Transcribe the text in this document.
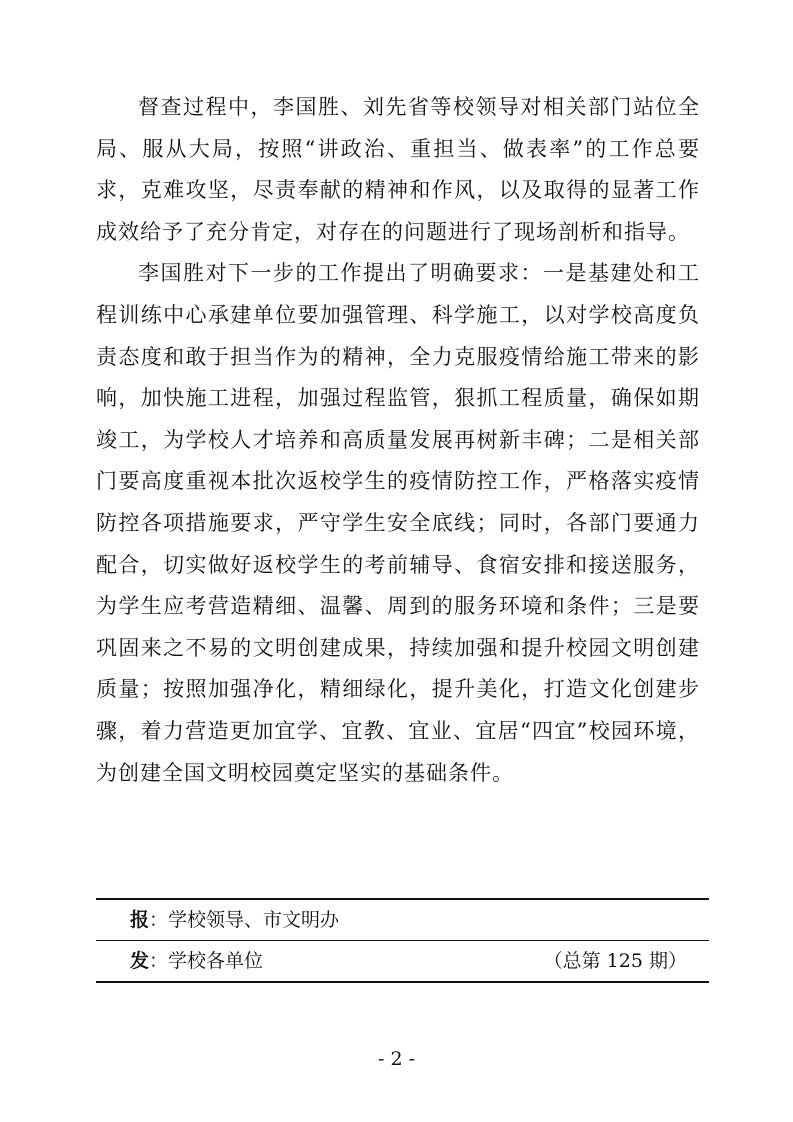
督查过程中，李国胜、刘先省等校领导对相关部门站位全局、服从大局，按照“讲政治、重担当、做表率”的工作总要求，克难攻坚，尽责奉献的精神和作风，以及取得的显著工作成效给予了充分肯定，对存在的问题进行了现场剖析和指导。

李国胜对下一步的工作提出了明确要求：一是基建处和工程训练中心承建单位要加强管理、科学施工，以对学校高度负责态度和敢于担当作为的精神，全力克服疫情给施工带来的影响，加快施工进程，加强过程监管，狠抓工程质量，确保如期竣工，为学校人才培养和高质量发展再树新丰碑；二是相关部门要高度重视本批次返校学生的疫情防控工作，严格落实疫情防控各项措施要求，严守学生安全底线；同时，各部门要通力配合，切实做好返校学生的考前辅导、食宿安排和接送服务，为学生应考营造精细、温馨、周到的服务环境和条件；三是要巩固来之不易的文明创建成果，持续加强和提升校园文明创建质量；按照加强净化，精细绿化，提升美化，打造文化创建步骤，着力营造更加宜学、宜教、宜业、宜居“四宜”校园环境，为创建全国文明校园奠定坚实的基础条件。

报：学校领导、市文明办
发：学校各单位	（总第 125 期）
- 2 -
